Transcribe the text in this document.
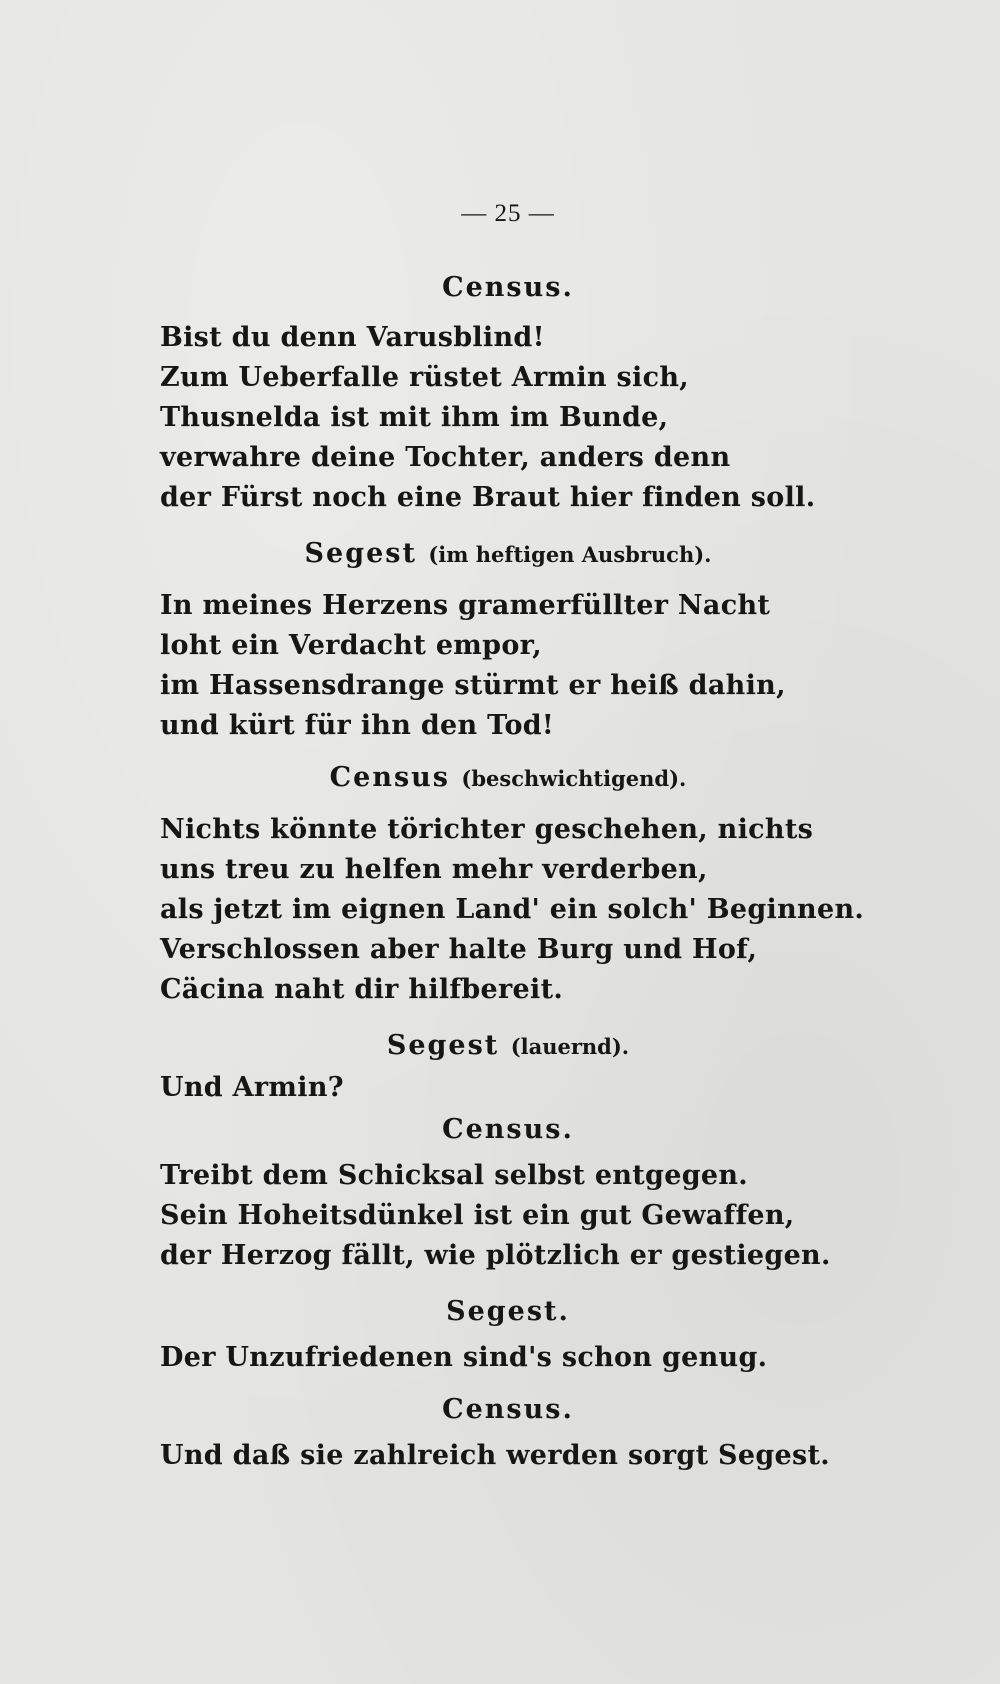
— 25 —
Census.
Bist du denn Varusblind!
Zum Ueberfalle rüstet Armin sich,
Thusnelda ist mit ihm im Bunde,
verwahre deine Tochter, anders denn
der Fürst noch eine Braut hier finden soll.
Segest (im heftigen Ausbruch).
In meines Herzens gramerfüllter Nacht
loht ein Verdacht empor,
im Hassensdrange stürmt er heiß dahin,
und kürt für ihn den Tod!
Census (beschwichtigend).
Nichts könnte törichter geschehen, nichts
uns treu zu helfen mehr verderben,
als jetzt im eignen Land' ein solch' Beginnen.
Verschlossen aber halte Burg und Hof,
Cäcina naht dir hilfbereit.
Segest (lauernd).
Und Armin?
Census.
Treibt dem Schicksal selbst entgegen.
Sein Hoheitsdünkel ist ein gut Gewaffen,
der Herzog fällt, wie plötzlich er gestiegen.
Segest.
Der Unzufriedenen sind's schon genug.
Census.
Und daß sie zahlreich werden sorgt Segest.
